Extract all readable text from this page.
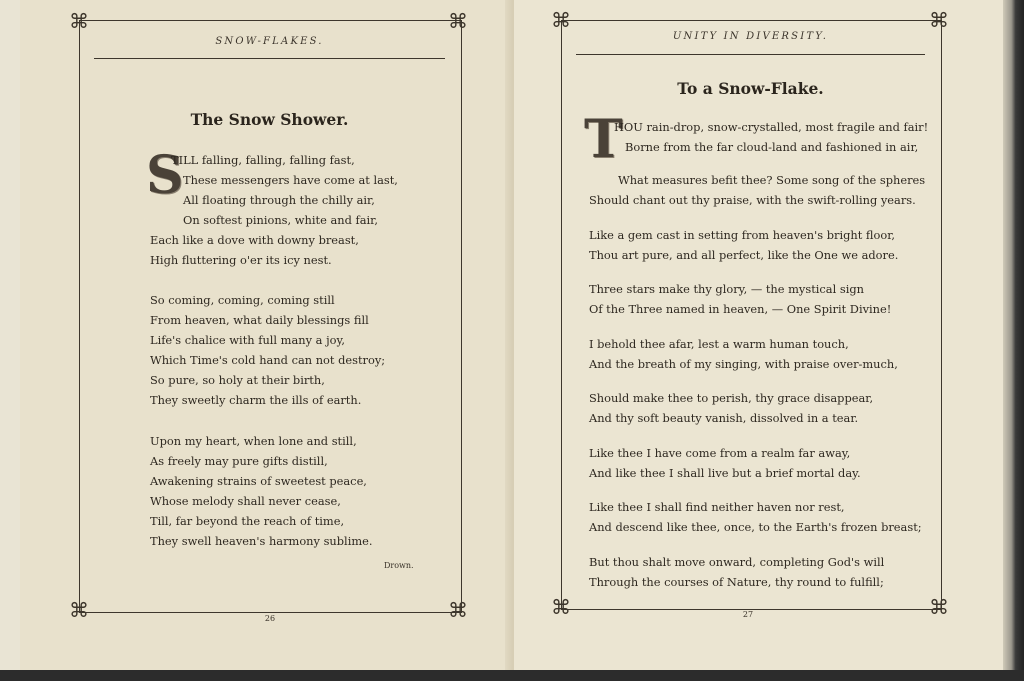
⌘	⌘
⌘	⌘
SNOW-FLAKES.
The Snow Shower.
S
TILL falling, falling, falling fast,
These messengers have come at last,
All floating through the chilly air,
On softest pinions, white and fair,
Each like a dove with downy breast,
High fluttering o'er its icy nest.
So coming, coming, coming still
From heaven, what daily blessings fill
Life's chalice with full many a joy,
Which Time's cold hand can not destroy;
So pure, so holy at their birth,
They sweetly charm the ills of earth.
Upon my heart, when lone and still,
As freely may pure gifts distill,
Awakening strains of sweetest peace,
Whose melody shall never cease,
Till, far beyond the reach of time,
They swell heaven's harmony sublime.
Drown.
26
⌘	⌘
⌘	⌘
UNITY IN DIVERSITY.
To a Snow-Flake.
T
HOU rain-drop, snow-crystalled, most fragile and fair!
Borne from the far cloud-land and fashioned in air,
What measures befit thee? Some song of the spheres
Should chant out thy praise, with the swift-rolling years.
Like a gem cast in setting from heaven's bright floor,
Thou art pure, and all perfect, like the One we adore.
Three stars make thy glory, — the mystical sign
Of the Three named in heaven, — One Spirit Divine!
I behold thee afar, lest a warm human touch,
And the breath of my singing, with praise over-much,
Should make thee to perish, thy grace disappear,
And thy soft beauty vanish, dissolved in a tear.
Like thee I have come from a realm far away,
And like thee I shall live but a brief mortal day.
Like thee I shall find neither haven nor rest,
And descend like thee, once, to the Earth's frozen breast;
But thou shalt move onward, completing God's will
Through the courses of Nature, thy round to fulfill;
27
